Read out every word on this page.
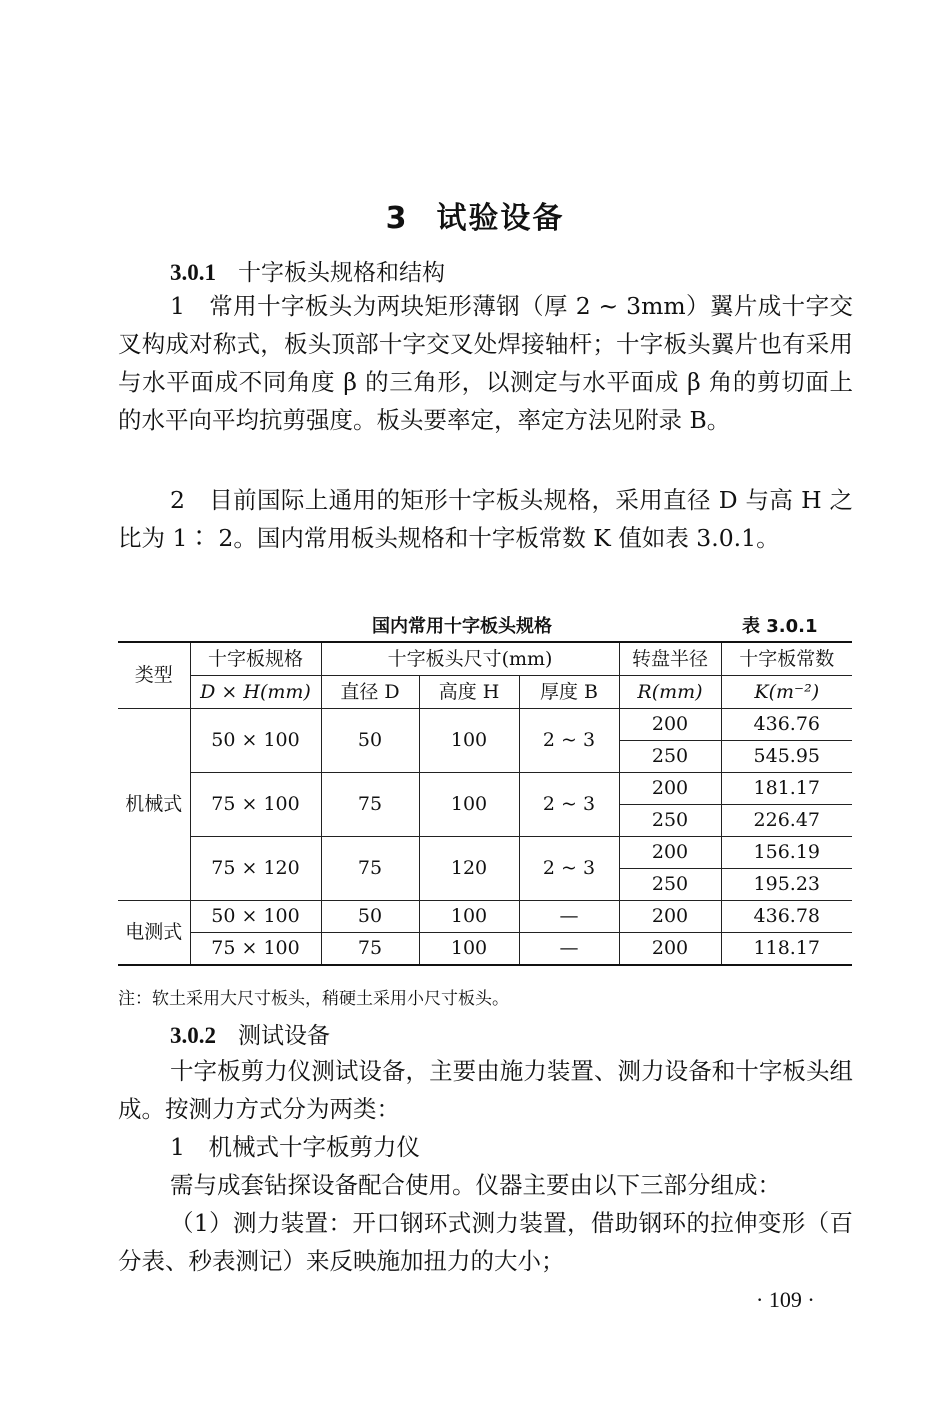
3 试验设备
3.0.1 十字板头规格和结构

1　常用十字板头为两块矩形薄钢（厚 2 ~ 3mm）翼片成十字交叉构成对称式，板头顶部十字交叉处焊接轴杆；十字板头翼片也有采用与水平面成不同角度 β 的三角形，以测定与水平面成 β 角的剪切面上的水平向平均抗剪强度。板头要率定，率定方法见附录 B。

2　目前国际上通用的矩形十字板头规格，采用直径 D 与高 H 之比为 1∶ 2。国内常用板头规格和十字板常数 K 值如表 3.0.1。

国内常用十字板头规格	表 3.0.1
类型	十字板规格	十字板头尺寸(mm)			转盘半径	十字板常数
	D × H(mm)	直径 D	高度 H	厚度 B	R(mm)	K(m⁻²)
机械式	50 × 100	50	100	2 ~ 3	200	436.76
					250	545.95
	75 × 100	75	100	2 ~ 3	200	181.17
					250	226.47
	75 × 120	75	120	2 ~ 3	200	156.19
					250	195.23
电测式	50 × 100	50	100	—	200	436.78
	75 × 100	75	100	—	200	118.17
注：软土采用大尺寸板头，稍硬土采用小尺寸板头。
3.0.2 测试设备

十字板剪力仪测试设备，主要由施力装置、测力设备和十字板头组成。按测力方式分为两类：

1　机械式十字板剪力仪

需与成套钻探设备配合使用。仪器主要由以下三部分组成：

（1）测力装置：开口钢环式测力装置，借助钢环的拉伸变形（百分表、秒表测记）来反映施加扭力的大小；

· 109 ·
